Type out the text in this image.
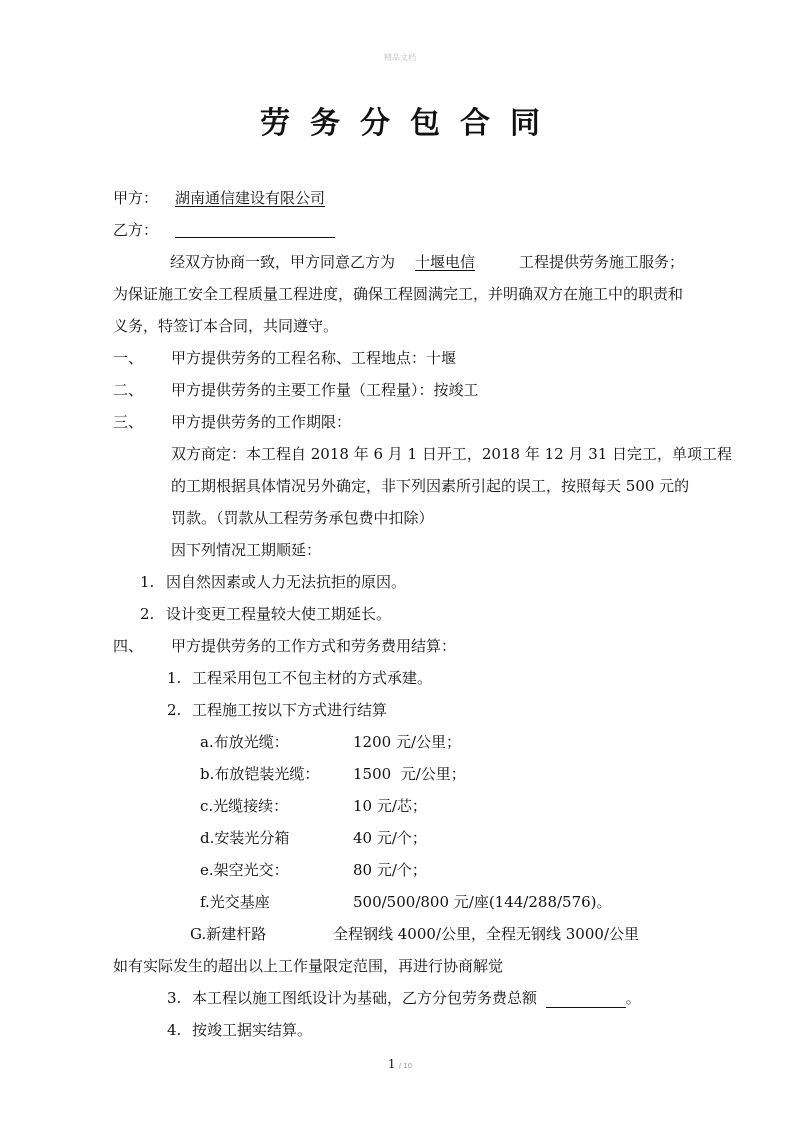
精品文档
劳务分包合同
甲方： 湖南通信建设有限公司
乙方：
经双方协商一致，甲方同意乙方为 十堰电信	工程提供劳务施工服务；
为保证施工安全工程质量工程进度，确保工程圆满完工，并明确双方在施工中的职责和
义务，特签订本合同，共同遵守。
一、 甲方提供劳务的工程名称、工程地点：十堰
二、 甲方提供劳务的主要工作量（工程量）：按竣工
三、 甲方提供劳务的工作期限：
双方商定：本工程自 2018 年 6 月 1 日开工，2018 年 12 月 31 日完工，单项工程
的工期根据具体情况另外确定，非下列因素所引起的误工，按照每天 500 元的
罚款。（罚款从工程劳务承包费中扣除）
因下列情况工期顺延：
1. 因自然因素或人力无法抗拒的原因。
2. 设计变更工程量较大使工期延长。
四、 甲方提供劳务的工作方式和劳务费用结算：
1. 工程采用包工不包主材的方式承建。
2. 工程施工按以下方式进行结算
a.布放光缆：	1200 元/公里；
b.布放铠装光缆： 1500  元/公里；
c.光缆接续：	10 元/芯；
d.安装光分箱	40 元/个；
e.架空光交：	80 元/个；
f.光交基座	500/500/800 元/座(144/288/576)。
G.新建杆路	全程钢线 4000/公里，全程无钢线 3000/公里
如有实际发生的超出以上工作量限定范围，再进行协商解觉
3. 本工程以施工图纸设计为基础，乙方分包劳务费总额	。
4. 按竣工据实结算。
1 / 10
